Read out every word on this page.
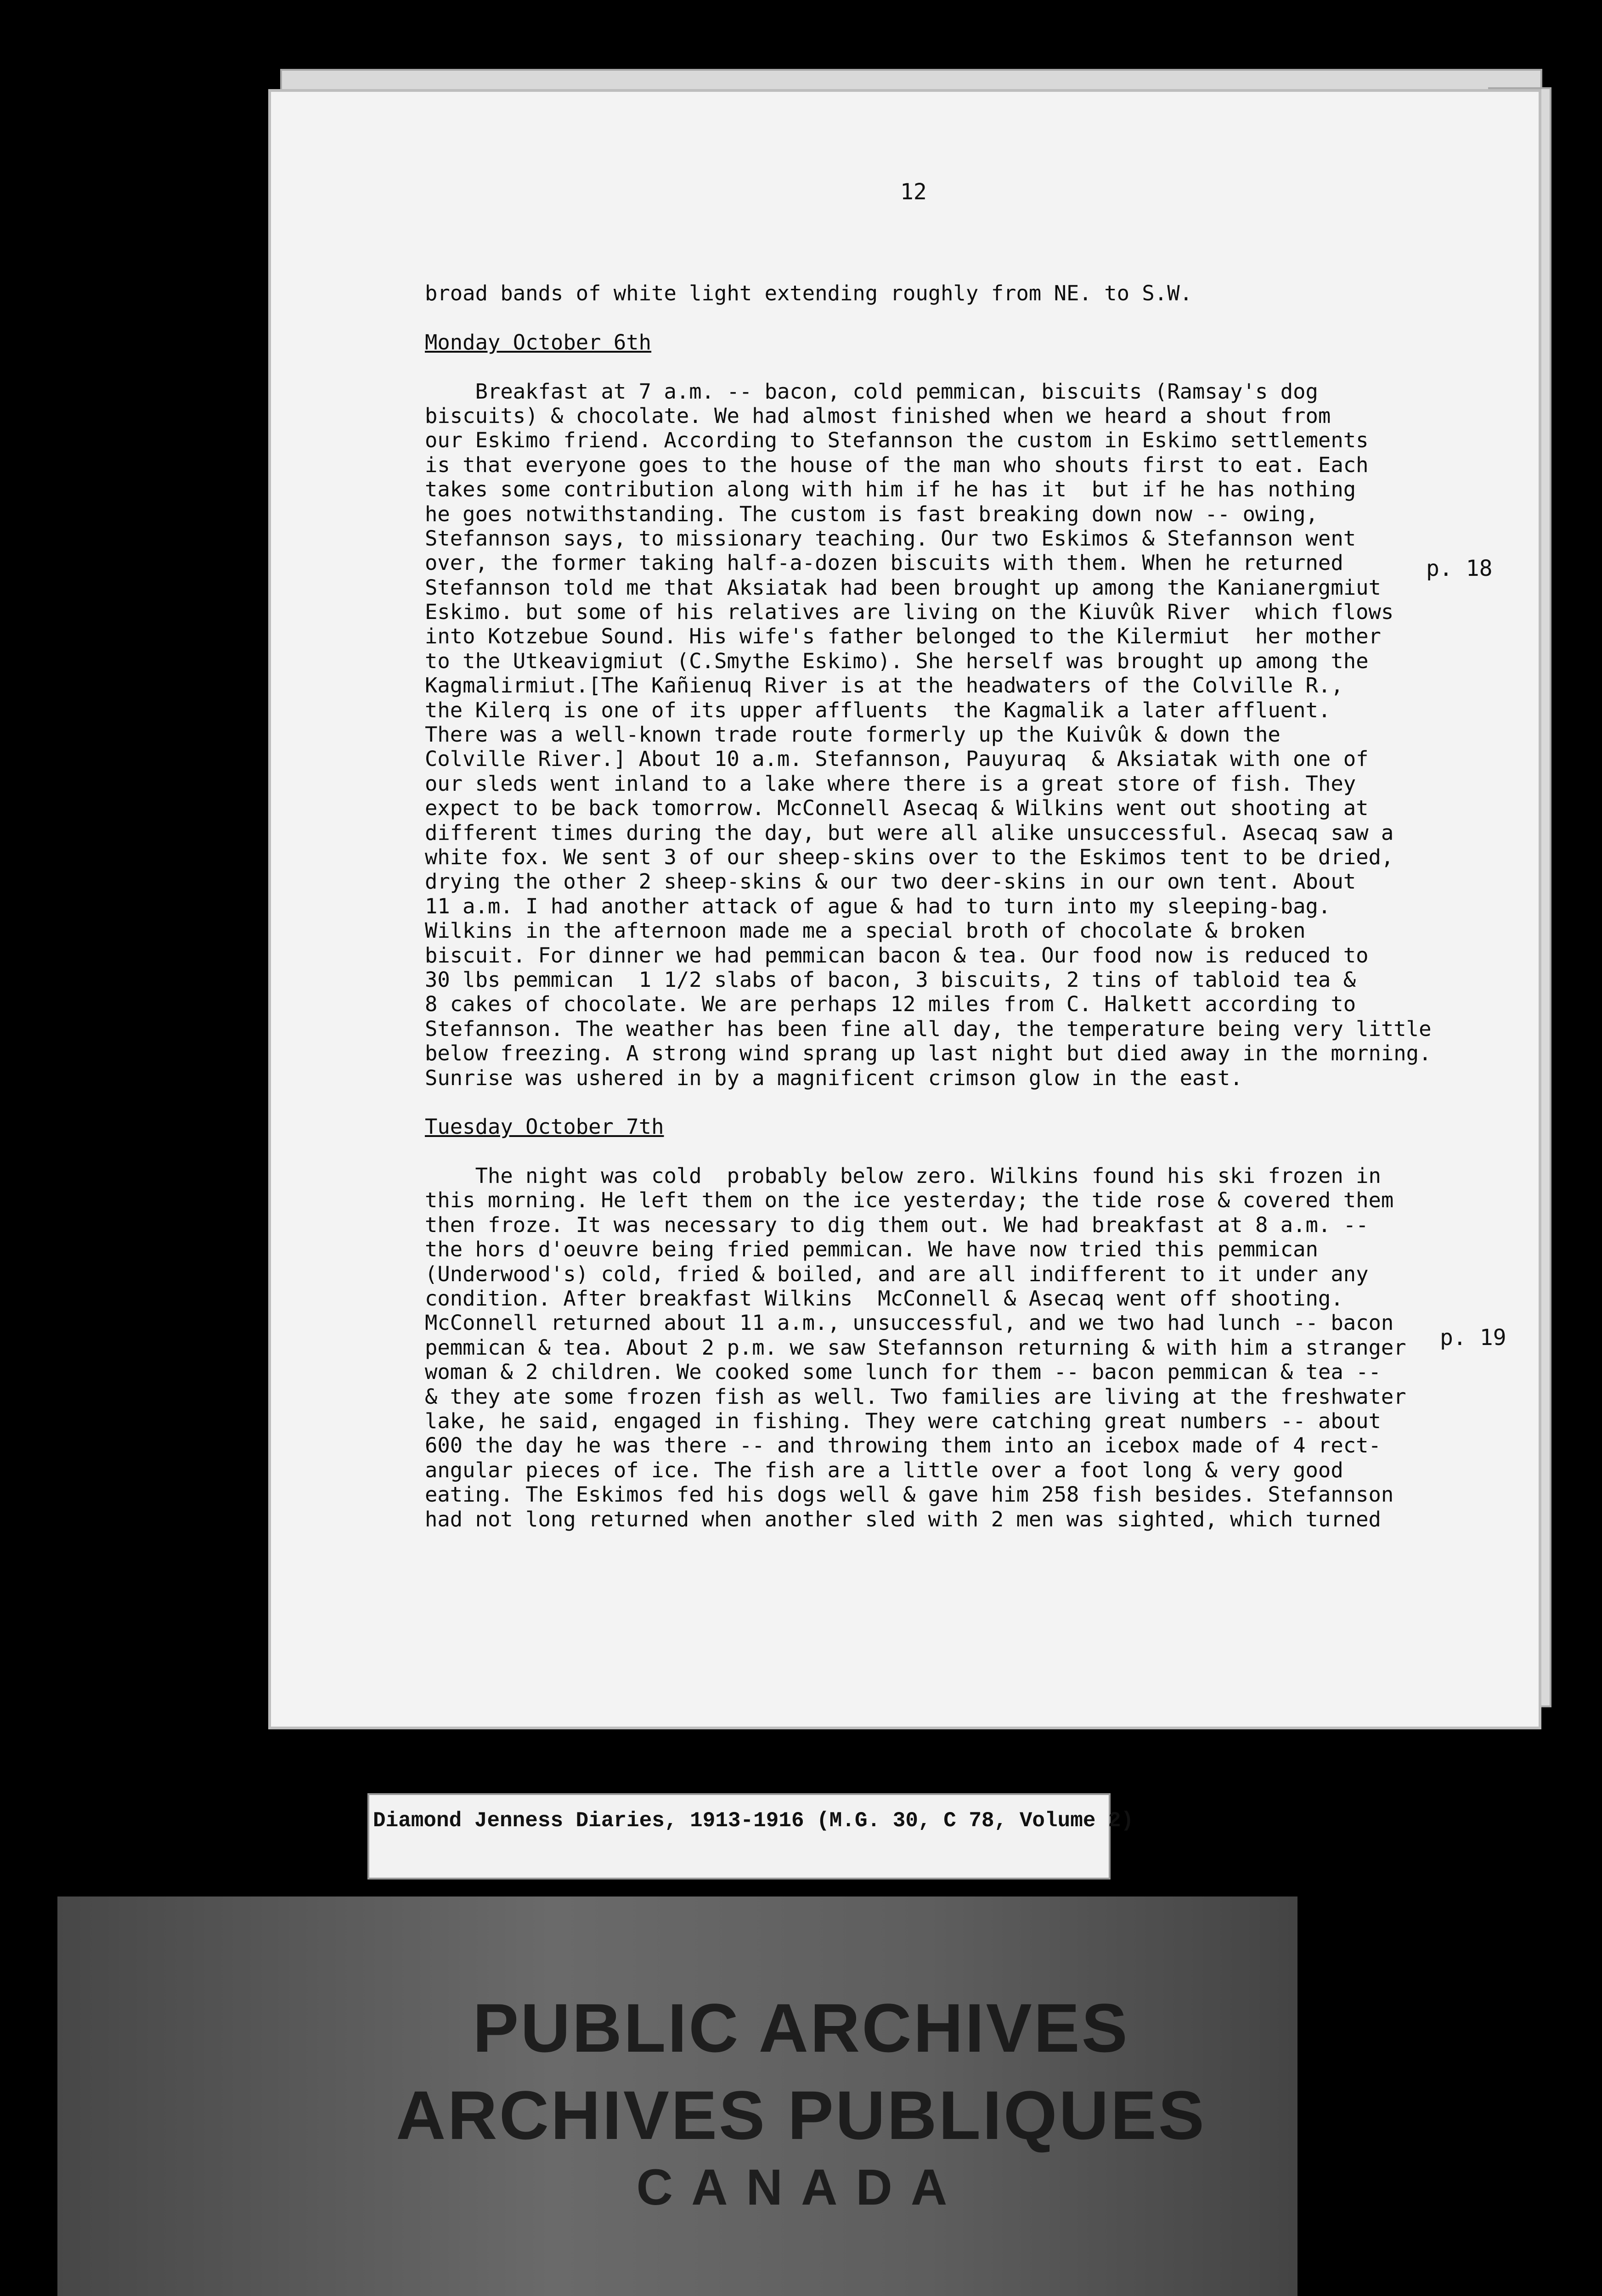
12
broad bands of white light extending roughly from NE. to S.W.
Monday October 6th
Breakfast at 7 a.m. -- bacon, cold pemmican, biscuits (Ramsay's dog
biscuits) & chocolate. We had almost finished when we heard a shout from
our Eskimo friend. According to Stefannson the custom in Eskimo settlements
is that everyone goes to the house of the man who shouts first to eat. Each
takes some contribution along with him if he has it  but if he has nothing
he goes notwithstanding. The custom is fast breaking down now -- owing,
Stefannson says, to missionary teaching. Our two Eskimos & Stefannson went
over, the former taking half-a-dozen biscuits with them. When he returned
Stefannson told me that Aksiatak had been brought up among the Kanianergmiut
Eskimo. but some of his relatives are living on the Kiuvûk River  which flows
into Kotzebue Sound. His wife's father belonged to the Kilermiut  her mother
to the Utkeavigmiut (C.Smythe Eskimo). She herself was brought up among the
Kagmalirmiut.[The Kañienuq River is at the headwaters of the Colville R.,
the Kilerq is one of its upper affluents  the Kagmalik a later affluent.
There was a well-known trade route formerly up the Kuivûk & down the
Colville River.] About 10 a.m. Stefannson, Pauyuraq  & Aksiatak with one of
our sleds went inland to a lake where there is a great store of fish. They
expect to be back tomorrow. McConnell Asecaq & Wilkins went out shooting at
different times during the day, but were all alike unsuccessful. Asecaq saw a
white fox. We sent 3 of our sheep-skins over to the Eskimos tent to be dried,
drying the other 2 sheep-skins & our two deer-skins in our own tent. About
11 a.m. I had another attack of ague & had to turn into my sleeping-bag.
Wilkins in the afternoon made me a special broth of chocolate & broken
biscuit. For dinner we had pemmican bacon & tea. Our food now is reduced to
30 lbs pemmican  1 1/2 slabs of bacon, 3 biscuits, 2 tins of tabloid tea &
8 cakes of chocolate. We are perhaps 12 miles from C. Halkett according to
Stefannson. The weather has been fine all day, the temperature being very little
below freezing. A strong wind sprang up last night but died away in the morning.
Sunrise was ushered in by a magnificent crimson glow in the east.
Tuesday October 7th
The night was cold  probably below zero. Wilkins found his ski frozen in
this morning. He left them on the ice yesterday; the tide rose & covered them
then froze. It was necessary to dig them out. We had breakfast at 8 a.m. --
the hors d'oeuvre being fried pemmican. We have now tried this pemmican
(Underwood's) cold, fried & boiled, and are all indifferent to it under any
condition. After breakfast Wilkins  McConnell & Asecaq went off shooting.
McConnell returned about 11 a.m., unsuccessful, and we two had lunch -- bacon
pemmican & tea. About 2 p.m. we saw Stefannson returning & with him a stranger
woman & 2 children. We cooked some lunch for them -- bacon pemmican & tea --
& they ate some frozen fish as well. Two families are living at the freshwater
lake, he said, engaged in fishing. They were catching great numbers -- about
600 the day he was there -- and throwing them into an icebox made of 4 rect-
angular pieces of ice. The fish are a little over a foot long & very good
eating. The Eskimos fed his dogs well & gave him 258 fish besides. Stefannson
had not long returned when another sled with 2 men was sighted, which turned
p. 18
p. 19
Diamond Jenness Diaries, 1913-1916 (M.G. 30, C 78, Volume 2)
PUBLIC ARCHIVES
ARCHIVES PUBLIQUES
CANADA
